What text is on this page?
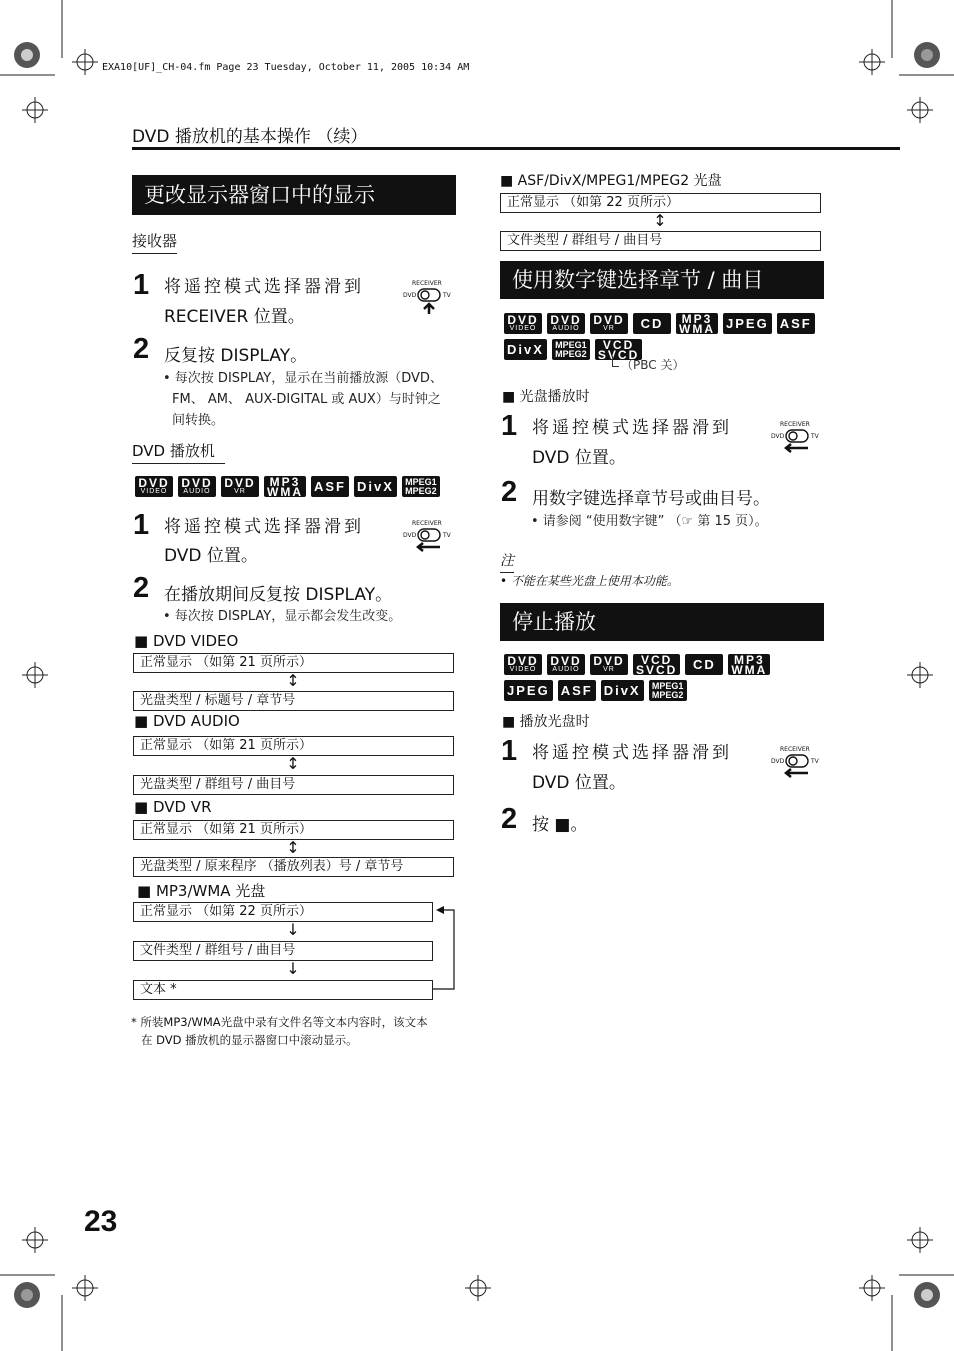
EXA10[UF]_CH-04.fm Page 23 Tuesday, October 11, 2005 10:34 AM
DVD 播放机的基本操作 （续）
更改显示器窗口中的显示
接收器
1 将遥控模式选择器滑到
RECEIVER 位置。
RECEIVER
DVD	TV
2 反复按 DISPLAY。
• 每次按 DISPLAY，显示在当前播放源（DVD、
FM、 AM、 AUX-DIGITAL 或 AUX）与时钟之
间转换。
DVD 播放机
DVD
VIDEO
DVD
AUDIO
DVD
VR
MP3
WMA ASF DivX MPEG1
MPEG2
1 将遥控模式选择器滑到
DVD 位置。
RECEIVER
DVD	TV
2 在播放期间反复按 DISPLAY。
• 每次按 DISPLAY，显示都会发生改变。
■ DVD VIDEO
正常显示 （如第 21 页所示）
↕
光盘类型 / 标题号 / 章节号
■ DVD AUDIO
正常显示 （如第 21 页所示）
↕
光盘类型 / 群组号 / 曲目号
■ DVD VR
正常显示 （如第 21 页所示）
↕
光盘类型 / 原来程序 （播放列表）号 / 章节号
■ MP3/WMA 光盘
正常显示 （如第 22 页所示）
↓
文件类型 / 群组号 / 曲目号
↓
文本 *
* 所装MP3/WMA光盘中录有文件名等文本内容时，该文本
在 DVD 播放机的显示器窗口中滚动显示。
■ ASF/DivX/MPEG1/MPEG2 光盘
正常显示 （如第 22 页所示）
↕
文件类型 / 群组号 / 曲目号
使用数字键选择章节 / 曲目
DVD
VIDEO
DVD
AUDIO
DVD
VR CD MP3
WMA JPEG ASF
DivX MPEG1
MPEG2
VCD
SVCD
（PBC 关）
■ 光盘播放时
1 将遥控模式选择器滑到
DVD 位置。
RECEIVER
DVD	TV
2 用数字键选择章节号或曲目号。
• 请参阅 “使用数字键” （☞ 第 15 页）。
注
• 不能在某些光盘上使用本功能。
停止播放
DVD
VIDEO
DVD
AUDIO
DVD
VR
VCD
SVCD CD MP3
WMA
JPEG ASF DivX MPEG1
MPEG2
■ 播放光盘时
1 将遥控模式选择器滑到
DVD 位置。
RECEIVER
DVD	TV
2 按 ■。
23
